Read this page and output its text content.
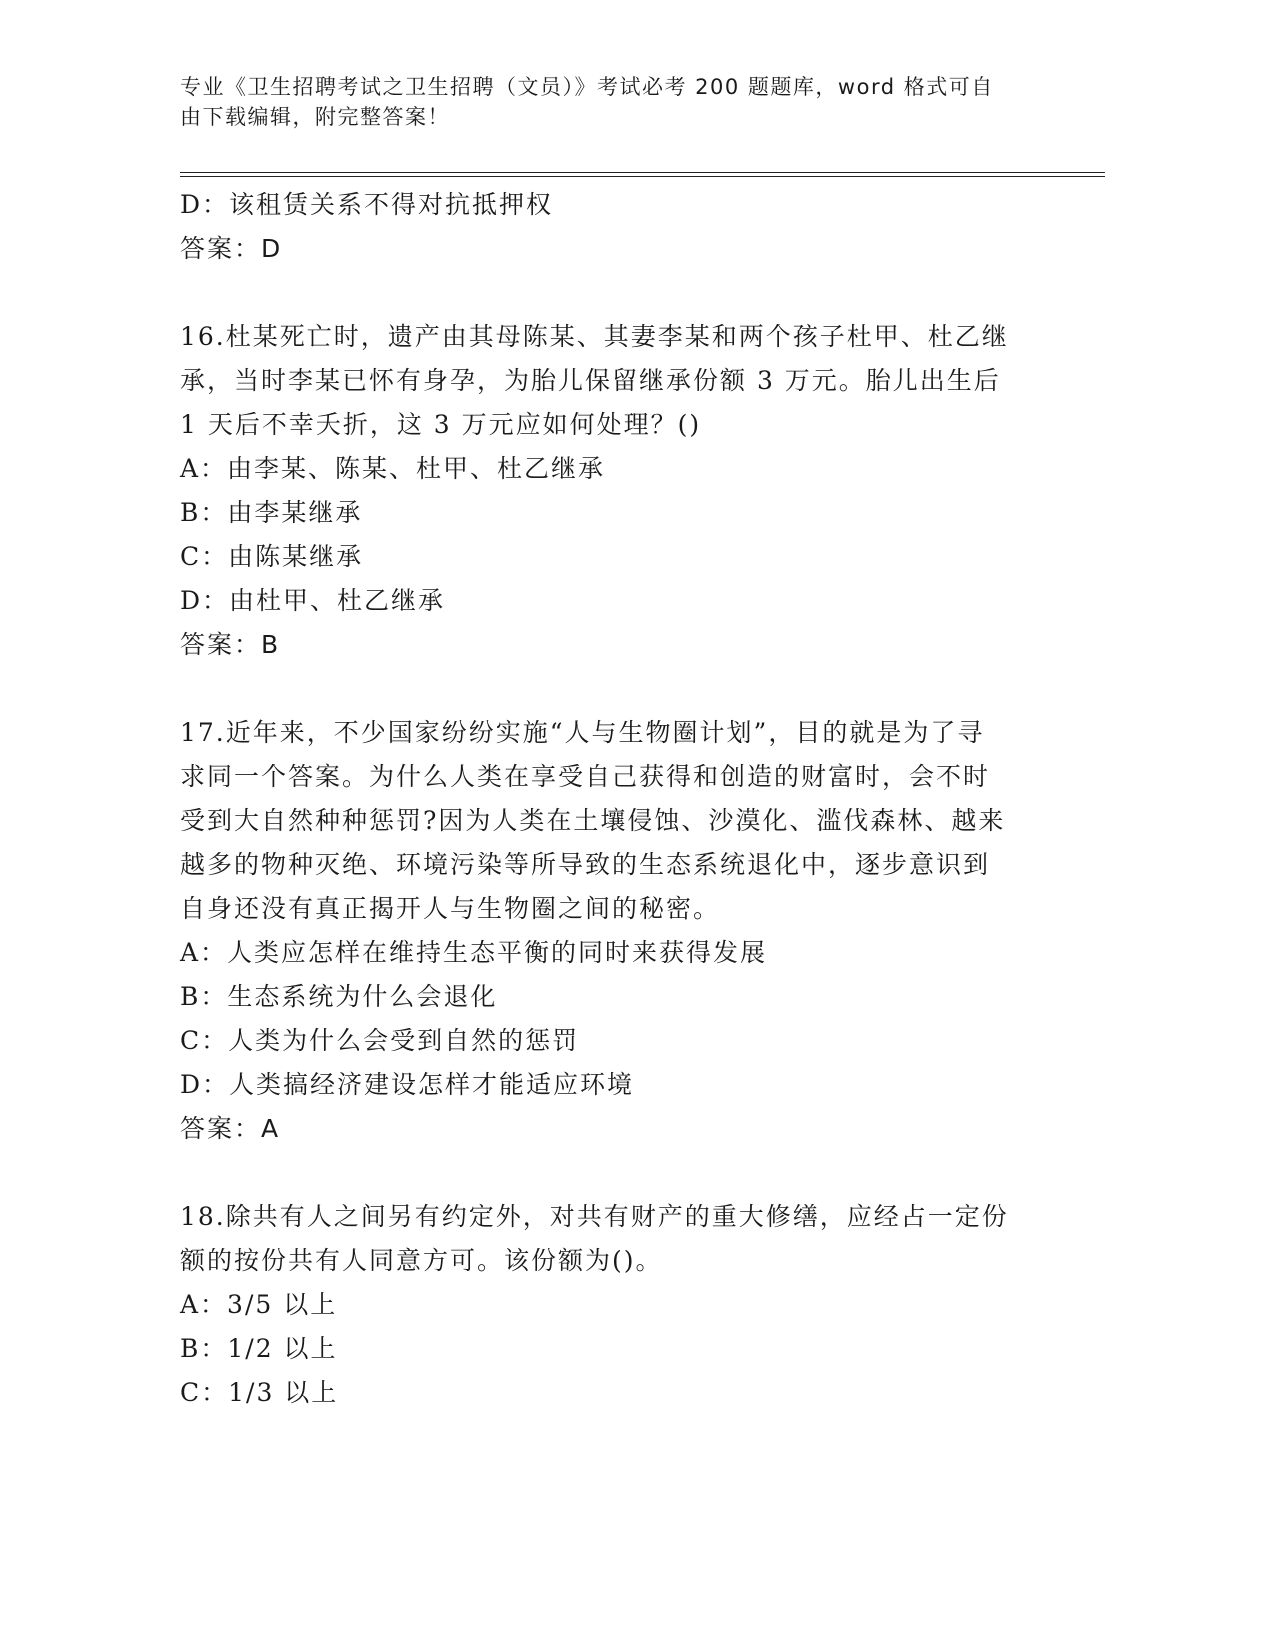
专业《卫生招聘考试之卫生招聘（文员）》考试必考 200 题题库，word 格式可自
由下载编辑，附完整答案！
D：该租赁关系不得对抗抵押权
答案：D
16.杜某死亡时，遗产由其母陈某、其妻李某和两个孩子杜甲、杜乙继
承，当时李某已怀有身孕，为胎儿保留继承份额 3 万元。胎儿出生后
1 天后不幸夭折，这 3 万元应如何处理？()
A：由李某、陈某、杜甲、杜乙继承
B：由李某继承
C：由陈某继承
D：由杜甲、杜乙继承
答案：B
17.近年来，不少国家纷纷实施“人与生物圈计划”，目的就是为了寻
求同一个答案。为什么人类在享受自己获得和创造的财富时，会不时
受到大自然种种惩罚?因为人类在土壤侵蚀、沙漠化、滥伐森林、越来
越多的物种灭绝、环境污染等所导致的生态系统退化中，逐步意识到
自身还没有真正揭开人与生物圈之间的秘密。
A：人类应怎样在维持生态平衡的同时来获得发展
B：生态系统为什么会退化
C：人类为什么会受到自然的惩罚
D：人类搞经济建设怎样才能适应环境
答案：A
18.除共有人之间另有约定外，对共有财产的重大修缮，应经占一定份
额的按份共有人同意方可。该份额为()。
A：3/5 以上
B：1/2 以上
C：1/3 以上
